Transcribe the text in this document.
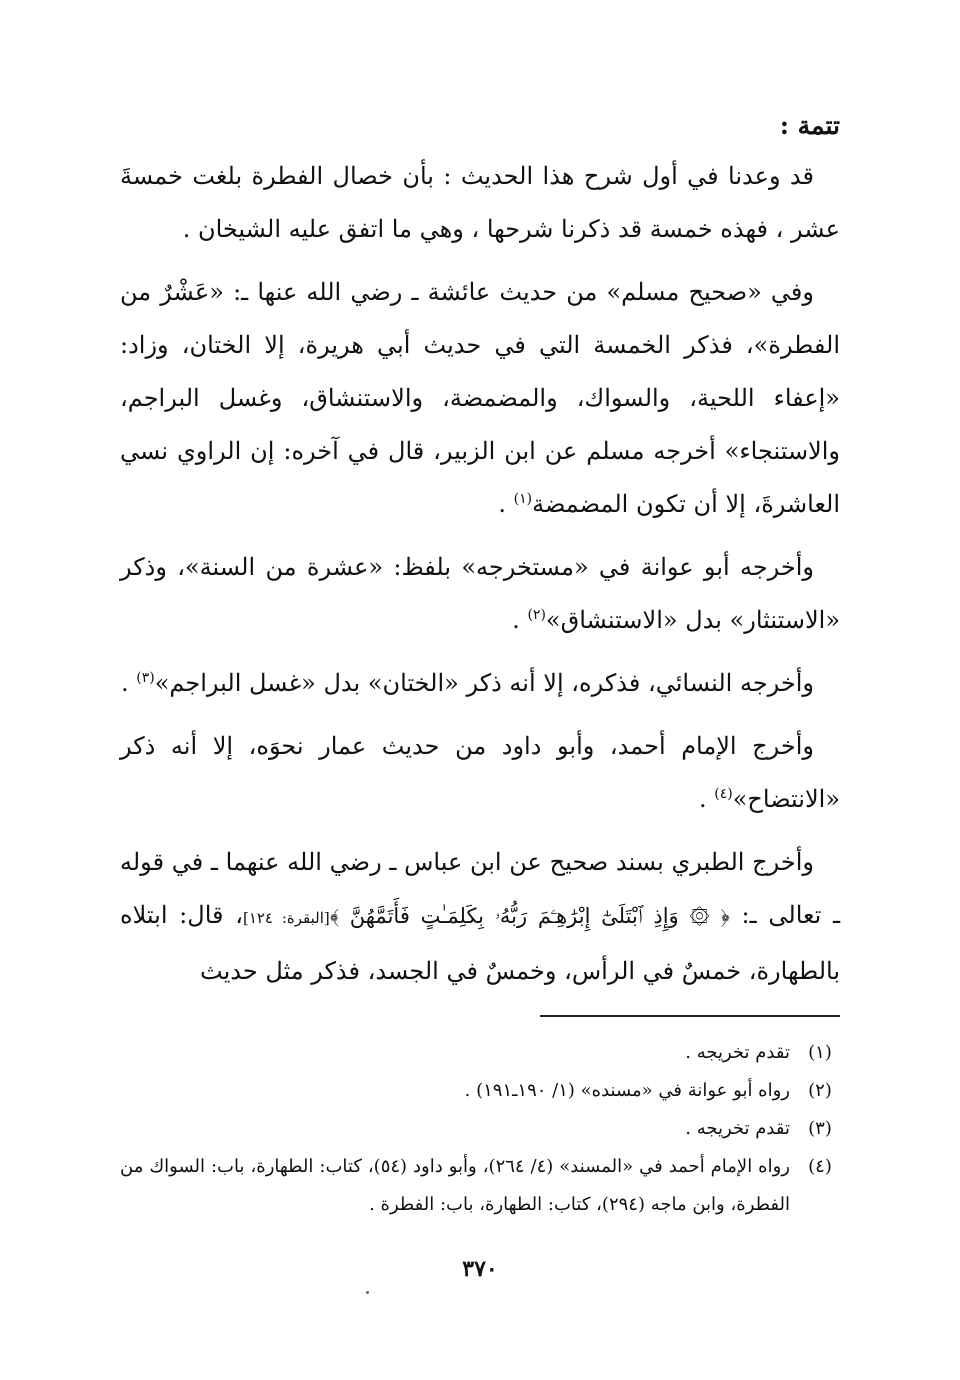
تتمة :

قد وعدنا في أول شرح هذا الحديث : بأن خصال الفطرة بلغت خمسةَ عشر ، فهذه خمسة قد ذكرنا شرحها ، وهي ما اتفق عليه الشيخان .

وفي «صحيح مسلم» من حديث عائشة ـ رضي الله عنها ـ: «عَشْرٌ من الفطرة»، فذكر الخمسة التي في حديث أبي هريرة، إلا الختان، وزاد: «إعفاء اللحية، والسواك، والمضمضة، والاستنشاق، وغسل البراجم، والاستنجاء» أخرجه مسلم عن ابن الزبير، قال في آخره: إن الراوي نسي العاشرةَ، إلا أن تكون المضمضة$^{(١)}$ .

وأخرجه أبو عوانة في «مستخرجه» بلفظ: «عشرة من السنة»، وذكر «الاستنثار» بدل «الاستنشاق»$^{(٢)}$ .

وأخرجه النسائي، فذكره، إلا أنه ذكر «الختان» بدل «غسل البراجم»$^{(٣)}$ .

وأخرج الإمام أحمد، وأبو داود من حديث عمار نحوَه، إلا أنه ذكر «الانتضاح»$^{(٤)}$ .

وأخرج الطبري بسند صحيح عن ابن عباس ـ رضي الله عنهما ـ في قوله ـ تعالى ـ: ﴿ ۞ وَإِذِ ٱبْتَلَىٰٓ إِبْرَٰهِـۧمَ رَبُّهُۥ بِكَلِمَـٰتٍ فَأَتَمَّهُنَّ ﴾[البقرة: ١٢٤]، قال: ابتلاه بالطهارة، خمسٌ في الرأس، وخمسٌ في الجسد، فذكر مثل حديث

(١)
تقدم تخريجه .
(٢)
رواه أبو عوانة في «مسنده» (١/ ١٩٠ـ١٩١) .
(٣)
تقدم تخريجه .
(٤)
رواه الإمام أحمد في «المسند» (٤/ ٢٦٤)، وأبو داود (٥٤)، كتاب: الطهارة، باب: السواك من الفطرة، وابن ماجه (٢٩٤)، كتاب: الطهارة، باب: الفطرة .
٣٧٠
